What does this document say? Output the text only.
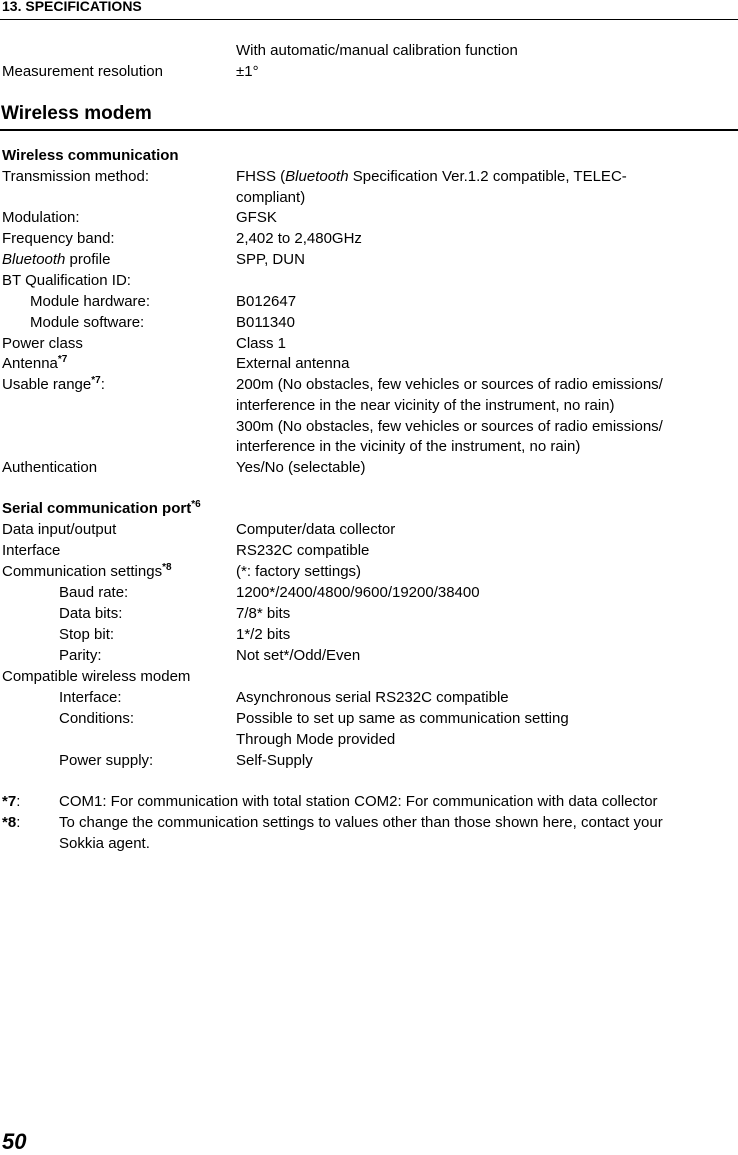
13. SPECIFICATIONS
With automatic/manual calibration function
Measurement resolution	±1°
Wireless modem
Wireless communication
Transmission method:	FHSS (Bluetooth Specification Ver.1.2 compatible, TELEC-
compliant)
Modulation:	GFSK
Frequency band:	2,402 to 2,480GHz
Bluetooth profile	SPP, DUN
BT Qualification ID:
Module hardware:	B012647
Module software:	B011340
Power class	Class 1
Antenna$^{*7}$	External antenna
Usable range$^{*7}$:	200m (No obstacles, few vehicles or sources of radio emissions/
interference in the near vicinity of the instrument, no rain)
300m (No obstacles, few vehicles or sources of radio emissions/
interference in the vicinity of the instrument, no rain)
Authentication	Yes/No (selectable)
Serial communication port$^{*6}$
Data input/output	Computer/data collector
Interface	RS232C compatible
Communication settings$^{*8}$	(*: factory settings)
Baud rate:	1200*/2400/4800/9600/19200/38400
Data bits:	7/8* bits
Stop bit:	1*/2 bits
Parity:	Not set*/Odd/Even
Compatible wireless modem
Interface:	Asynchronous serial RS232C compatible
Conditions:	Possible to set up same as communication setting
Through Mode provided
Power supply:	Self-Supply
*7:	COM1: For communication with total station COM2: For communication with data collector
*8:	To change the communication settings to values other than those shown here, contact your
Sokkia agent.
50
